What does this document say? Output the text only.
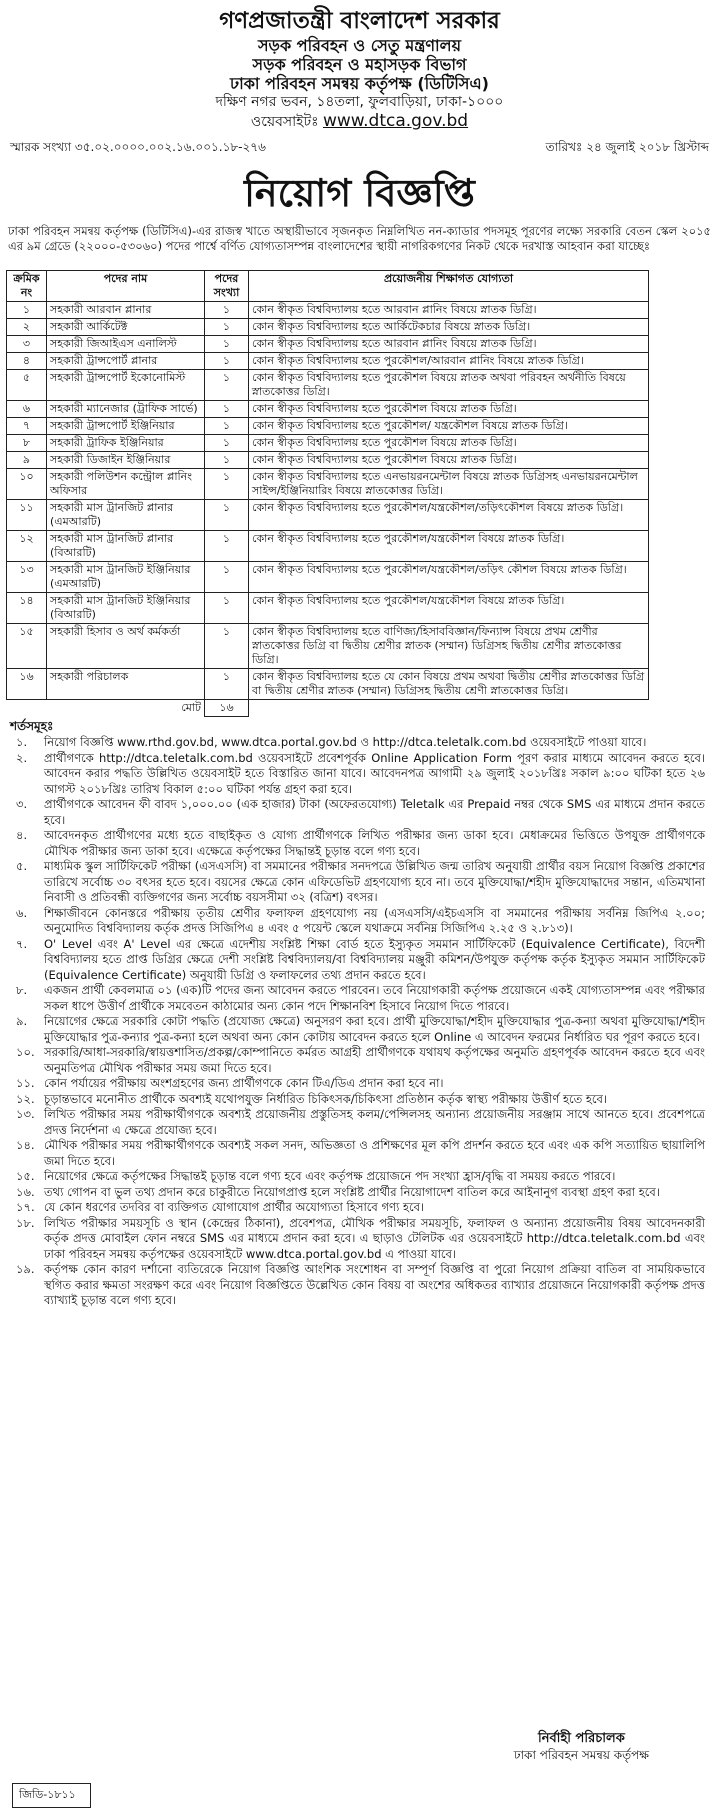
গণপ্রজাতন্ত্রী বাংলাদেশ সরকার
সড়ক পরিবহন ও সেতু মন্ত্রণালয়
সড়ক পরিবহন ও মহাসড়ক বিভাগ
ঢাকা পরিবহন সমন্বয় কর্তৃপক্ষ (ডিটিসিএ)
দক্ষিণ নগর ভবন, ১৪তলা, ফুলবাড়িয়া, ঢাকা-১০০০
ওয়েবসাইটঃ www.dtca.gov.bd
স্মারক সংখ্যা ৩৫.০২.০০০০.০০২.১৬.০০১.১৮-২৭৬	তারিখঃ ২৪ জুলাই ২০১৮ খ্রিস্টাব্দ
নিয়োগ বিজ্ঞপ্তি
ঢাকা পরিবহন সমন্বয় কর্তৃপক্ষ (ডিটিসিএ)-এর রাজস্ব খাতে অস্থায়ীভাবে সৃজনকৃত নিম্নলিখিত নন-ক্যাডার পদসমূহ পূরণের লক্ষ্যে সরকারি বেতন স্কেল ২০১৫ এর ৯ম গ্রেডে (২২০০০-৫৩০৬০) পদের পার্শ্বে বর্ণিত যোগ্যতাসম্পন্ন বাংলাদেশের স্থায়ী নাগরিকগণের নিকট থেকে দরখাস্ত আহবান করা যাচ্ছেঃ
ক্রমিক নং	পদের নাম	পদের সংখ্যা	প্রয়োজনীয় শিক্ষাগত যোগ্যতা
১	সহকারী আরবান প্লানার	১	কোন স্বীকৃত বিশ্ববিদ্যালয় হতে আরবান প্লানিং বিষয়ে স্নাতক ডিগ্রি।
২	সহকারী আর্কিটেক্ট	১	কোন স্বীকৃত বিশ্ববিদ্যালয় হতে আর্কিটেকচার বিষয়ে স্নাতক ডিগ্রি।
৩	সহকারী জিআইএস এনালিস্ট	১	কোন স্বীকৃত বিশ্ববিদ্যালয় হতে আরবান প্লানিং বিষয়ে স্নাতক ডিগ্রি।
৪	সহকারী ট্রান্সপোর্ট প্লানার	১	কোন স্বীকৃত বিশ্ববিদ্যালয় হতে পুরকৌশল/আরবান প্লানিং বিষয়ে স্নাতক ডিগ্রি।
৫	সহকারী ট্রান্সপোর্ট ইকোনোমিস্ট	১	কোন স্বীকৃত বিশ্ববিদ্যালয় হতে পুরকৌশল বিষয়ে স্নাতক অথবা পরিবহন অর্থনীতি বিষয়ে স্নাতকোত্তর ডিগ্রি।
৬	সহকারী ম্যানেজার (ট্রাফিক সার্ভে)	১	কোন স্বীকৃত বিশ্ববিদ্যালয় হতে পুরকৌশল বিষয়ে স্নাতক ডিগ্রি।
৭	সহকারী ট্রান্সপোর্ট ইঞ্জিনিয়ার	১	কোন স্বীকৃত বিশ্ববিদ্যালয় হতে পুরকৌশল/ যন্ত্রকৌশল বিষয়ে স্নাতক ডিগ্রি।
৮	সহকারী ট্রাফিক ইঞ্জিনিয়ার	১	কোন স্বীকৃত বিশ্ববিদ্যালয় হতে পুরকৌশল বিষয়ে স্নাতক ডিগ্রি।
৯	সহকারী ডিজাইন ইঞ্জিনিয়ার	১	কোন স্বীকৃত বিশ্ববিদ্যালয় হতে পুরকৌশল বিষয়ে স্নাতক ডিগ্রি।
১০	সহকারী পলিউশন কন্ট্রোল প্লানিং অফিসার	১	কোন স্বীকৃত বিশ্ববিদ্যালয় হতে এনভায়রনমেন্টাল বিষয়ে স্নাতক ডিগ্রিসহ এনভায়রনমেন্টাল সাইন্স/ইঞ্জিনিয়ারিং বিষয়ে স্নাতকোত্তর ডিগ্রি।
১১	সহকারী মাস ট্রানজিট প্লানার (এমআরটি)	১	কোন স্বীকৃত বিশ্ববিদ্যালয় হতে পুরকৌশল/যন্ত্রকৌশল/তড়িৎকৌশল বিষয়ে স্নাতক ডিগ্রি।
১২	সহকারী মাস ট্রানজিট প্লানার (বিআরটি)	১	কোন স্বীকৃত বিশ্ববিদ্যালয় হতে পুরকৌশল/যন্ত্রকৌশল বিষয়ে স্নাতক ডিগ্রি।
১৩	সহকারী মাস ট্রানজিট ইঞ্জিনিয়ার (এমআরটি)	১	কোন স্বীকৃত বিশ্ববিদ্যালয় হতে পুরকৌশল/যন্ত্রকৌশল/তড়িৎ কৌশল বিষয়ে স্নাতক ডিগ্রি।
১৪	সহকারী মাস ট্রানজিট ইঞ্জিনিয়ার (বিআরটি)	১	কোন স্বীকৃত বিশ্ববিদ্যালয় হতে পুরকৌশল/যন্ত্রকৌশল বিষয়ে স্নাতক ডিগ্রি।
১৫	সহকারী হিসাব ও অর্থ কর্মকর্তা	১	কোন স্বীকৃত বিশ্ববিদ্যালয় হতে বাণিজ্য/হিসাববিজ্ঞান/ফিন্যান্স বিষয়ে প্রথম শ্রেণীর স্নাতকোত্তর ডিগ্রি বা দ্বিতীয় শ্রেণীর স্নাতক (সম্মান) ডিগ্রিসহ দ্বিতীয় শ্রেণীর স্নাতকোত্তর ডিগ্রি।
১৬	সহকারী পরিচালক	১	কোন স্বীকৃত বিশ্ববিদ্যালয় হতে যে কোন বিষয়ে প্রথম অথবা দ্বিতীয় শ্রেণীর স্নাতকোত্তর ডিগ্রি বা দ্বিতীয় শ্রেণীর স্নাতক (সম্মান) ডিগ্রিসহ দ্বিতীয় শ্রেণী স্নাতকোত্তর ডিগ্রি।
	মোট	১৬	
শর্তসমূহঃ
১.	নিয়োগ বিজ্ঞপ্তি www.rthd.gov.bd, www.dtca.portal.gov.bd ও http://dtca.teletalk.com.bd ওয়েবসাইটে পাওয়া যাবে।
২.	প্রার্থীগণকে http://dtca.teletalk.com.bd ওয়েবসাইটে প্রবেশপূর্বক Online Application Form পূরণ করার মাধ্যমে আবেদন করতে হবে। আবেদন করার পদ্ধতি উল্লিখিত ওয়েবসাইট হতে বিস্তারিত জানা যাবে। আবেদনপত্র আগামী ২৯ জুলাই ২০১৮খ্রিঃ সকাল ৯:০০ ঘটিকা হতে ২৬ আগস্ট ২০১৮খ্রিঃ তারিখ বিকাল ৫:০০ ঘটিকা পর্যন্ত গ্রহণ করা হবে।
৩.	প্রার্থীগণকে আবেদন ফী বাবদ ১,০০০.০০ (এক হাজার) টাকা (অফেরতযোগ্য) Teletalk এর Prepaid নম্বর থেকে SMS এর মাধ্যমে প্রদান করতে হবে।
৪.	আবেদনকৃত প্রার্থীগণের মধ্যে হতে বাছাইকৃত ও যোগ্য প্রার্থীগণকে লিখিত পরীক্ষার জন্য ডাকা হবে। মেধাক্রমের ভিত্তিতে উপযুক্ত প্রার্থীগণকে মৌখিক পরীক্ষার জন্য ডাকা হবে। এক্ষেত্রে কর্তৃপক্ষের সিদ্ধান্তই চূড়ান্ত বলে গণ্য হবে।
৫.	মাধ্যমিক স্কুল সার্টিফিকেট পরীক্ষা (এসএসসি) বা সমমানের পরীক্ষার সনদপত্রে উল্লিখিত জন্ম তারিখ অনুযায়ী প্রার্থীর বয়স নিয়োগ বিজ্ঞপ্তি প্রকাশের তারিখে সর্বোচ্চ ৩০ বৎসর হতে হবে। বয়সের ক্ষেত্রে কোন এফিডেভিট গ্রহণযোগ্য হবে না। তবে মুক্তিযোদ্ধা/শহীদ মুক্তিযোদ্ধাদের সন্তান, এতিমখানা নিবাসী ও প্রতিবন্ধী ব্যক্তিগণের জন্য সর্বোচ্চ বয়সসীমা ৩২ (বত্রিশ) বৎসর।
৬.	শিক্ষাজীবনে কোনস্তরে পরীক্ষায় তৃতীয় শ্রেণীর ফলাফল গ্রহণযোগ্য নয় (এসএসসি/এইচএসসি বা সমমানের পরীক্ষায় সর্বনিম্ন জিপিএ ২.০০; অনুমোদিত বিশ্ববিদ্যালয় কর্তৃক প্রদত্ত সিজিপিএ ৪ এবং ৫ পয়েন্ট স্কেলে যথাক্রমে সর্বনিম্ন সিজিপিএ ২.২৫ ও ২.৮১৩)।
৭.	O' Level এবং A' Level এর ক্ষেত্রে এদেশীয় সংশ্লিষ্ট শিক্ষা বোর্ড হতে ইস্যুকৃত সমমান সার্টিফিকেট (Equivalence Certificate), বিদেশী বিশ্ববিদ্যালয় হতে প্রাপ্ত ডিগ্রির ক্ষেত্রে দেশী সংশ্লিষ্ট বিশ্ববিদ্যালয়/বা বিশ্ববিদ্যালয় মঞ্জুরী কমিশন/উপযুক্ত কর্তৃপক্ষ কর্তৃক ইস্যুকৃত সমমান সার্টিফিকেট (Equivalence Certificate) অনুযায়ী ডিগ্রি ও ফলাফলের তথ্য প্রদান করতে হবে।
৮.	একজন প্রার্থী কেবলমাত্র ০১ (এক)টি পদের জন্য আবেদন করতে পারবেন। তবে নিয়োগকারী কর্তৃপক্ষ প্রয়োজনে একই যোগ্যতাসম্পন্ন এবং পরীক্ষার সকল ধাপে উত্তীর্ণ প্রার্থীকে সমবেতন কাঠামোর অন্য কোন পদে শিক্ষানবিশ হিসাবে নিয়োগ দিতে পারবে।
৯.	নিয়োগের ক্ষেত্রে সরকারি কোটা পদ্ধতি (প্রযোজ্য ক্ষেত্রে) অনুসরণ করা হবে। প্রার্থী মুক্তিযোদ্ধা/শহীদ মুক্তিযোদ্ধার পুত্র-কন্যা অথবা মুক্তিযোদ্ধা/শহীদ মুক্তিযোদ্ধার পুত্র-কন্যার পুত্র-কন্যা হলে অথবা অন্য কোন কোটায় আবেদন করতে হলে Online এ আবেদন ফরমের নির্ধারিত ঘর পূরণ করতে হবে।
১০. সরকারি/আধা-সরকারি/স্বায়ত্তশাসিত/প্রকল্প/কোম্পানিতে কর্মরত আগ্রহী প্রার্থীগণকে যথাযথ কর্তৃপক্ষের অনুমতি গ্রহণপূর্বক আবেদন করতে হবে এবং অনুমতিপত্র মৌখিক পরীক্ষার সময় জমা দিতে হবে।
১১. কোন পর্যায়ের পরীক্ষায় অংশগ্রহণের জন্য প্রার্থীগণকে কোন টিএ/ডিএ প্রদান করা হবে না।
১২. চূড়ান্তভাবে মনোনীত প্রার্থীকে অবশ্যই যথোপযুক্ত নির্ধারিত চিকিৎসক/চিকিৎসা প্রতিষ্ঠান কর্তৃক স্বাস্থ্য পরীক্ষায় উত্তীর্ণ হতে হবে।
১৩. লিখিত পরীক্ষার সময় পরীক্ষার্থীগণকে অবশ্যই প্রয়োজনীয় প্রস্তুতিসহ কলম/পেন্সিলসহ অন্যান্য প্রয়োজনীয় সরঞ্জাম সাথে আনতে হবে। প্রবেশপত্রে প্রদত্ত নির্দেশনা এ ক্ষেত্রে প্রযোজ্য হবে।
১৪. মৌখিক পরীক্ষার সময় পরীক্ষার্থীগণকে অবশ্যই সকল সনদ, অভিজ্ঞতা ও প্রশিক্ষণের মূল কপি প্রদর্শন করতে হবে এবং এক কপি সত্যায়িত ছায়ালিপি জমা দিতে হবে।
১৫. নিয়োগের ক্ষেত্রে কর্তৃপক্ষের সিদ্ধান্তই চূড়ান্ত বলে গণ্য হবে এবং কর্তৃপক্ষ প্রয়োজনে পদ সংখ্যা হ্রাস/বৃদ্ধি বা সময়য় করতে পারবে।
১৬. তথ্য গোপন বা ভুল তথ্য প্রদান করে চাকুরীতে নিয়োগপ্রাপ্ত হলে সংশ্লিষ্ট প্রার্থীর নিয়োগাদেশ বাতিল করে আইনানুগ ব্যবস্থা গ্রহণ করা হবে।
১৭. যে কোন ধরণের তদবির বা ব্যক্তিগত যোগাযোগ প্রার্থীর অযোগ্যতা হিসাবে গণ্য হবে।
১৮. লিখিত পরীক্ষার সময়সূচি ও স্থান (কেন্দ্রের ঠিকানা), প্রবেশপত্র, মৌখিক পরীক্ষার সময়সূচি, ফলাফল ও অন্যান্য প্রয়োজনীয় বিষয় আবেদনকারী কর্তৃক প্রদত্ত মোবাইল ফোন নম্বরে SMS এর মাধ্যমে প্রদান করা হবে। এ ছাড়াও টেলিটক এর ওয়েবসাইটে http://dtca.teletalk.com.bd এবং ঢাকা পরিবহন সমন্বয় কর্তৃপক্ষের ওয়েবসাইটে www.dtca.portal.gov.bd এ পাওয়া যাবে।
১৯. কর্তৃপক্ষ কোন কারণ দর্শানো ব্যতিরেকে নিয়োগ বিজ্ঞপ্তি আংশিক সংশোধন বা সম্পূর্ণ বিজ্ঞপ্তি বা পুরো নিয়োগ প্রক্রিয়া বাতিল বা সাময়িকভাবে স্থগিত করার ক্ষমতা সংরক্ষণ করে এবং নিয়োগ বিজ্ঞপ্তিতে উল্লেখিত কোন বিষয় বা অংশের অধিকতর ব্যাখ্যার প্রয়োজনে নিয়োগকারী কর্তৃপক্ষ প্রদত্ত ব্যাখ্যাই চূড়ান্ত বলে গণ্য হবে।
নির্বাহী পরিচালক
ঢাকা পরিবহন সমন্বয় কর্তৃপক্ষ
জিডি-১৮১১
